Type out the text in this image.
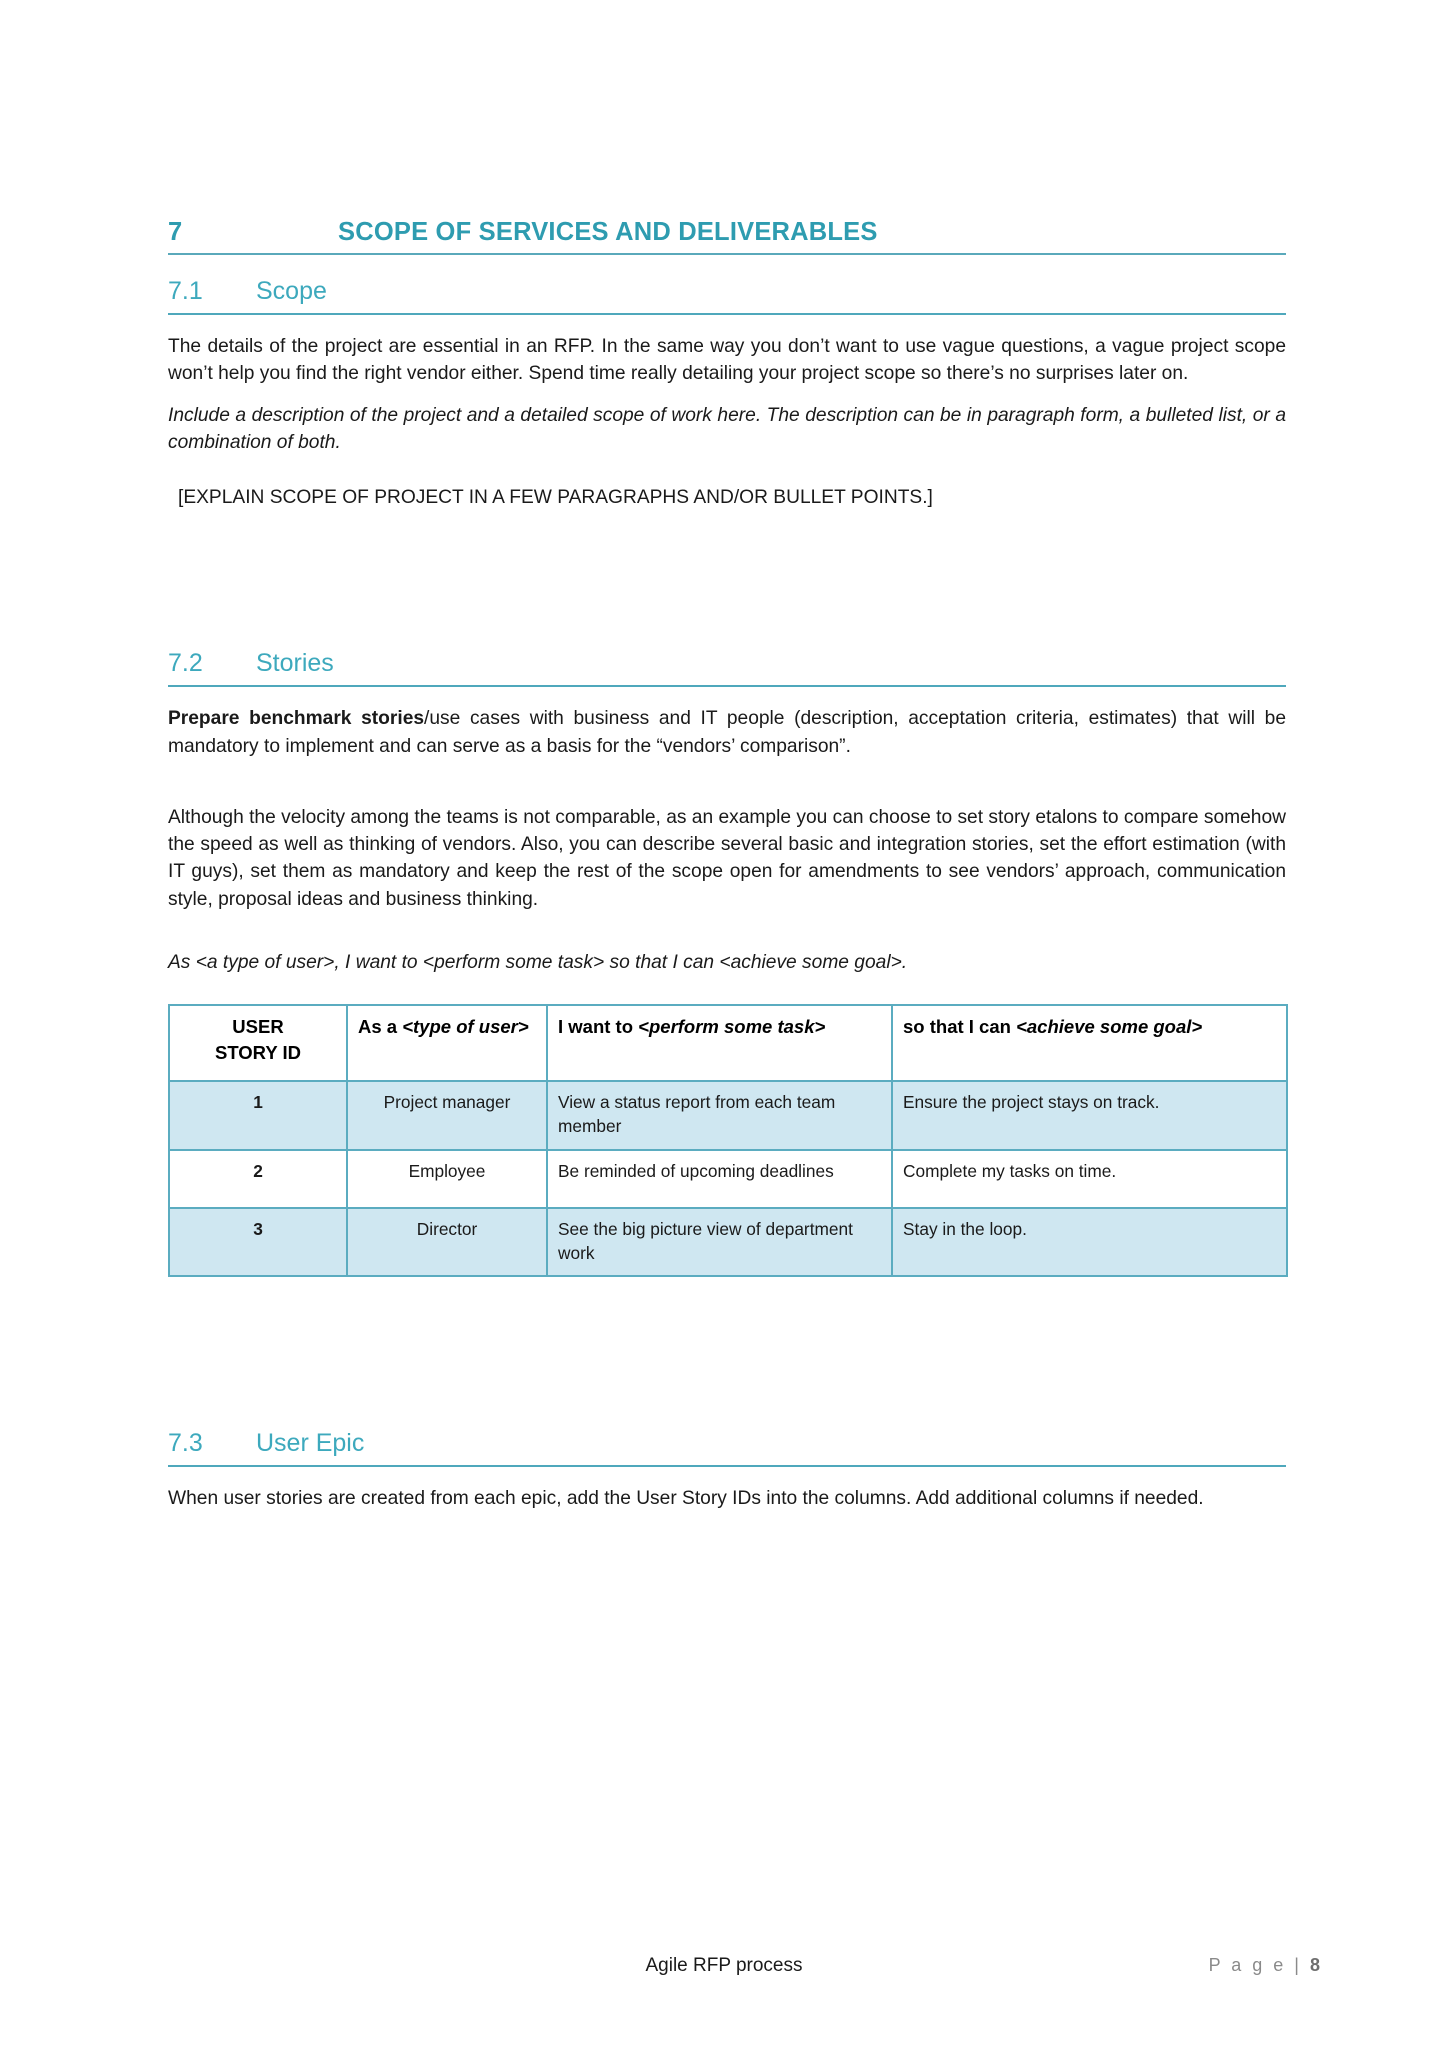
7	SCOPE OF SERVICES AND DELIVERABLES
7.1	Scope

The details of the project are essential in an RFP. In the same way you don’t want to use vague questions, a vague project scope won’t help you find the right vendor either. Spend time really detailing your project scope so there’s no surprises later on.

Include a description of the project and a detailed scope of work here. The description can be in paragraph form, a bulleted list, or a combination of both.

[EXPLAIN SCOPE OF PROJECT IN A FEW PARAGRAPHS AND/OR BULLET POINTS.]

7.2	Stories

Prepare benchmark stories/use cases with business and IT people (description, acceptation criteria, estimates) that will be mandatory to implement and can serve as a basis for the “vendors’ comparison”.

Although the velocity among the teams is not comparable, as an example you can choose to set story etalons to compare somehow the speed as well as thinking of vendors. Also, you can describe several basic and integration stories, set the effort estimation (with IT guys), set them as mandatory and keep the rest of the scope open for amendments to see vendors’ approach, communication style, proposal ideas and business thinking.

As <a type of user>, I want to <perform some task> so that I can <achieve some goal>.

USER
STORY ID	As a <type of user>	I want to <perform some task>	so that I can <achieve some goal>
1	Project manager	View a status report from each team member	Ensure the project stays on track.
2	Employee	Be reminded of upcoming deadlines	Complete my tasks on time.
3	Director	See the big picture view of department work	Stay in the loop.
7.3	User Epic

When user stories are created from each epic, add the User Story IDs into the columns. Add additional columns if needed.

Agile RFP process	P a g e | 8
